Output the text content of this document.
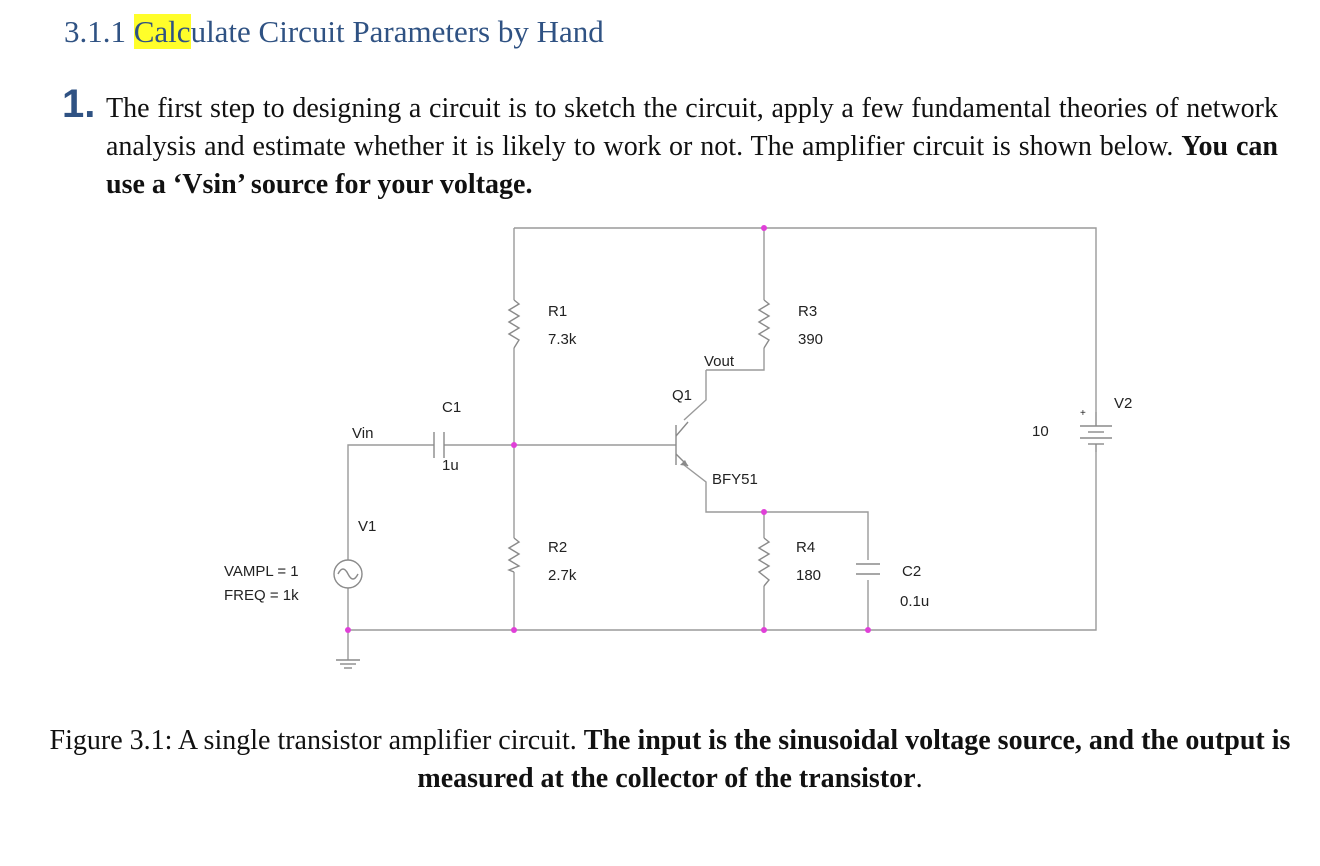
3.1.1 Calculate Circuit Parameters by Hand
1. The first step to designing a circuit is to sketch the circuit, apply a few fundamental theories of network analysis and estimate whether it is likely to work or not. The amplifier circuit is shown below. You can use a ‘Vsin’ source for your voltage.
+
R1
7.3k
R2
2.7k
R3
390
R4
180
C1
1u
C2
0.1u
Q1
BFY51
V1
VAMPL = 1
FREQ = 1k
V2
10
Vin
Vout
Figure 3.1: A single transistor amplifier circuit. The input is the sinusoidal voltage source, and the output is measured at the collector of the transistor.
